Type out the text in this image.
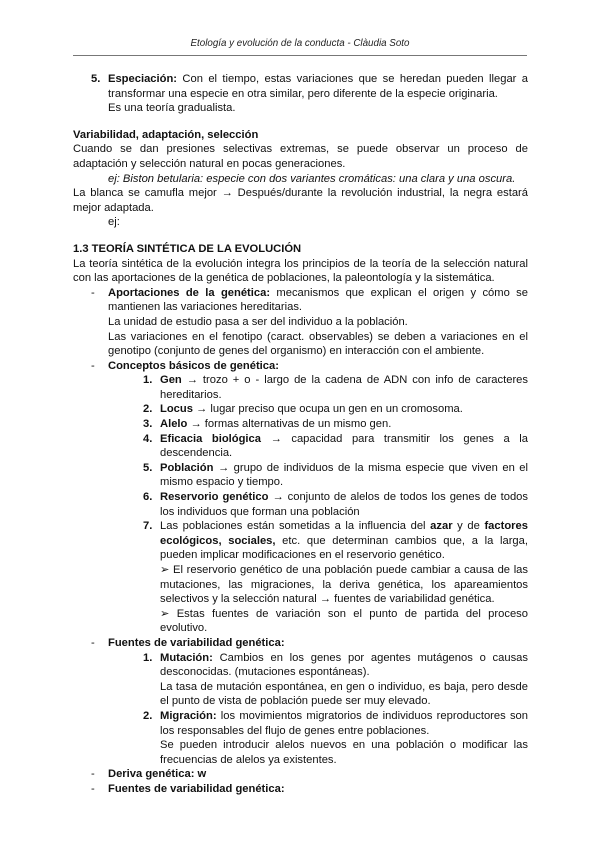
Etología y evolución de la conducta - Clàudia Soto
5. Especiación: Con el tiempo, estas variaciones que se heredan pueden llegar a transformar una especie en otra similar, pero diferente de la especie originaria.

Es una teoría gradualista.

Variabilidad, adaptación, selección

Cuando se dan presiones selectivas extremas, se puede observar un proceso de adaptación y selección natural en pocas generaciones.

ej: Biston betularia: especie con dos variantes cromáticas: una clara y una oscura.

La blanca se camufla mejor → Después/durante la revolución industrial, la negra estará mejor adaptada.

ej:

1.3 TEORÍA SINTÉTICA DE LA EVOLUCIÓN

La teoría sintética de la evolución integra los principios de la teoría de la selección natural con las aportaciones de la genética de poblaciones, la paleontología y la sistemática.

-	Aportaciones de la genética: mecanismos que explican el origen y cómo se mantienen las variaciones hereditarias.

La unidad de estudio pasa a ser del individuo a la población.

Las variaciones en el fenotipo (caract. observables) se deben a variaciones en el genotipo (conjunto de genes del organismo) en interacción con el ambiente.

-	Conceptos básicos de genética:

1. Gen → trozo + o - largo de la cadena de ADN con info de caracteres hereditarios.

2. Locus → lugar preciso que ocupa un gen en un cromosoma.

3. Alelo → formas alternativas de un mismo gen.

4. Eficacia biológica → capacidad para transmitir los genes a la descendencia.

5. Población → grupo de individuos de la misma especie que viven en el mismo espacio y tiempo.

6. Reservorio genético → conjunto de alelos de todos los genes de todos los individuos que forman una población

7. Las poblaciones están sometidas a la influencia del azar y de factores ecológicos, sociales, etc. que determinan cambios que, a la larga, pueden implicar modificaciones en el reservorio genético.

➢ El reservorio genético de una población puede cambiar a causa de las mutaciones, las migraciones, la deriva genética, los apareamientos selectivos y la selección natural → fuentes de variabilidad genética.

➢ Estas fuentes de variación son el punto de partida del proceso evolutivo.

-	Fuentes de variabilidad genética:

1. Mutación: Cambios en los genes por agentes mutágenos o causas desconocidas. (mutaciones espontáneas).

La tasa de mutación espontánea, en gen o individuo, es baja, pero desde el punto de vista de población puede ser muy elevado.

2. Migración: los movimientos migratorios de individuos reproductores son los responsables del flujo de genes entre poblaciones.

Se pueden introducir alelos nuevos en una población o modificar las frecuencias de alelos ya existentes.

-	Deriva genética: w

-	Fuentes de variabilidad genética:
